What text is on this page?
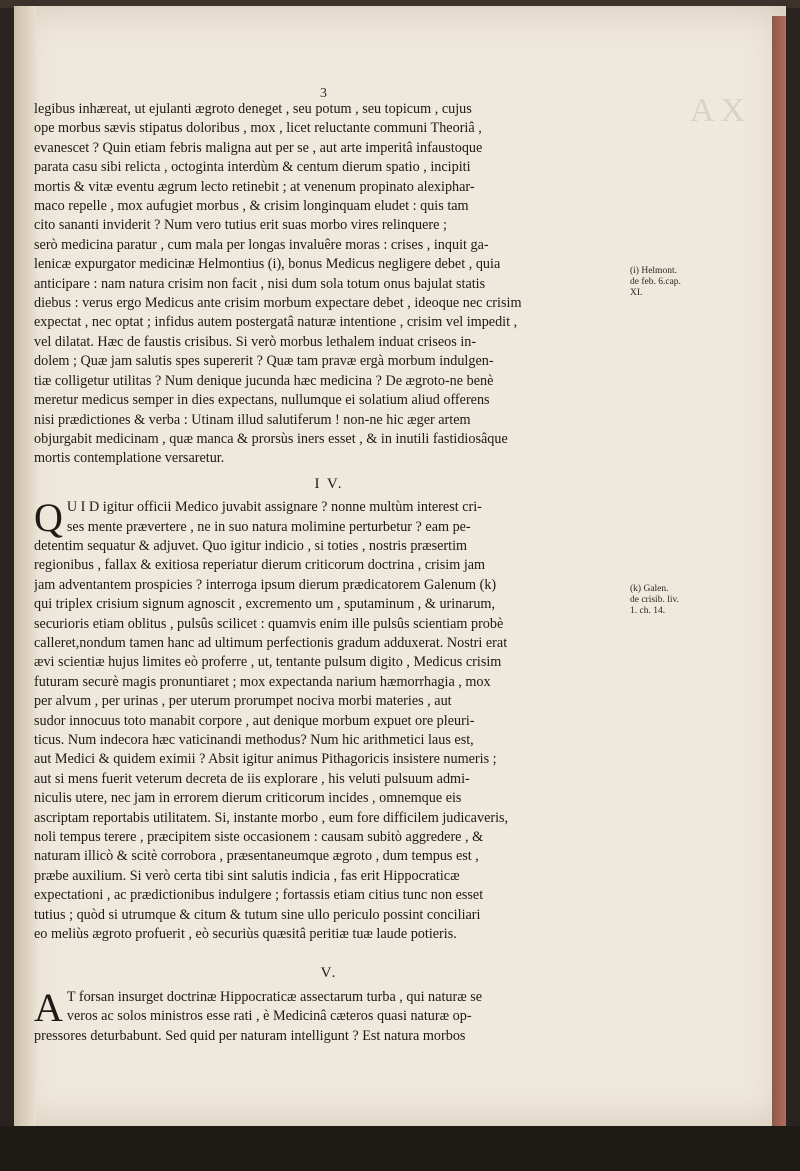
AX
3
legibus inhæreat, ut ejulanti ægroto deneget , seu potum , seu topicum , cujus
ope morbus sævis stipatus doloribus , mox , licet reluctante communi Theoriâ ,
evanescet ? Quin etiam febris maligna aut per se , aut arte imperitâ infaustoque
parata casu sibi relicta , octoginta interdùm & centum dierum spatio , incipiti
mortis & vitæ eventu ægrum lecto retinebit ; at venenum propinato alexiphar-
maco repelle , mox aufugiet morbus , & crisim longinquam eludet : quis tam
cito sananti inviderit ? Num vero tutius erit suas morbo vires relinquere ;
serò medicina paratur , cum mala per longas invaluêre moras : crises , inquit ga-
lenicæ expurgator medicinæ Helmontius (i), bonus Medicus negligere debet , quia
anticipare : nam natura crisim non facit , nisi dum sola totum onus bajulat statis
diebus : verus ergo Medicus ante crisim morbum expectare debet , ideoque nec crisim
expectat , nec optat ; infidus autem postergatâ naturæ intentione , crisim vel impedit ,
vel dilatat. Hæc de faustis crisibus. Si verò morbus lethalem induat criseos in-
dolem ; Quæ jam salutis spes supererit ? Quæ tam pravæ ergà morbum indulgen-
tiæ colligetur utilitas ? Num denique jucunda hæc medicina ? De ægroto-ne benè
meretur medicus semper in dies expectans, nullumque ei solatium aliud offerens
nisi prædictiones & verba : Utinam illud salutiferum ! non-ne hic æger artem
objurgabit medicinam , quæ manca & prorsùs iners esset , & in inutili fastidiosâque
mortis contemplatione versaretur.
I V.
Q U I D igitur officii Medico juvabit assignare ? nonne multùm interest cri-
ses mente prævertere , ne in suo natura molimine perturbetur ? eam pe-
detentim sequatur & adjuvet. Quo igitur indicio , si toties , nostris præsertim
regionibus , fallax & exitiosa reperiatur dierum criticorum doctrina , crisim jam
jam adventantem prospicies ? interroga ipsum dierum prædicatorem Galenum (k)
qui triplex crisium signum agnoscit , excremento um , sputaminum , & urinarum,
securioris etiam oblitus , pulsûs scilicet : quamvis enim ille pulsûs scientiam probè
calleret,nondum tamen hanc ad ultimum perfectionis gradum adduxerat. Nostri erat
ævi scientiæ hujus limites eò proferre , ut, tentante pulsum digito , Medicus crisim
futuram securè magis pronuntiaret ; mox expectanda narium hæmorrhagia , mox
per alvum , per urinas , per uterum prorumpet nociva morbi materies , aut
sudor innocuus toto manabit corpore , aut denique morbum expuet ore pleuri-
ticus. Num indecora hæc vaticinandi methodus? Num hic arithmetici laus est,
aut Medici & quidem eximii ? Absit igitur animus Pithagoricis insistere numeris ;
aut si mens fuerit veterum decreta de iis explorare , his veluti pulsuum admi-
niculis utere, nec jam in errorem dierum criticorum incides , omnemque eis
ascriptam reportabis utilitatem. Si, instante morbo , eum fore difficilem judicaveris,
noli tempus terere , præcipitem siste occasionem : causam subitò aggredere , &
naturam illicò & scitè corrobora , præsentaneumque ægroto , dum tempus est ,
præbe auxilium. Si verò certa tibi sint salutis indicia , fas erit Hippocraticæ
expectationi , ac prædictionibus indulgere ; fortassis etiam citius tunc non esset
tutius ; quòd si utrumque & citum & tutum sine ullo periculo possint conciliari
eo meliùs ægroto profuerit , eò securiùs quæsitâ peritiæ tuæ laude potieris.
V.
A T forsan insurget doctrinæ Hippocraticæ assectarum turba , qui naturæ se
veros ac solos ministros esse rati , è Medicinâ cæteros quasi naturæ op-
pressores deturbabunt. Sed quid per naturam intelligunt ? Est natura morbos
(i) Helmont.
de feb. 6.cap.
XI.
(k) Galen.
de crisib. liv.
1. ch. 14.
